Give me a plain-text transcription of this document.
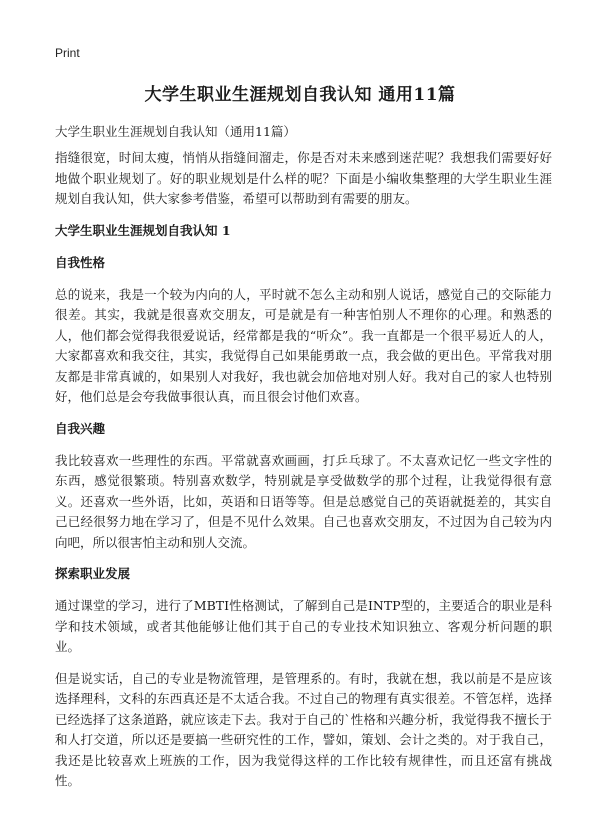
Print
大学生职业生涯规划自我认知 通用11篇

大学生职业生涯规划自我认知（通用11篇）

指缝很宽，时间太瘦，悄悄从指缝间溜走，你是否对未来感到迷茫呢？我想我们需要好好地做个职业规划了。好的职业规划是什么样的呢？下面是小编收集整理的大学生职业生涯规划自我认知，供大家参考借鉴，希望可以帮助到有需要的朋友。

大学生职业生涯规划自我认知 1
自我性格

总的说来，我是一个较为内向的人，平时就不怎么主动和别人说话，感觉自己的交际能力很差。其实，我就是很喜欢交朋友，可是就是有一种害怕别人不理你的心理。和熟悉的人，他们都会觉得我很爱说话，经常都是我的“听众”。我一直都是一个很平易近人的人，大家都喜欢和我交往，其实，我觉得自己如果能勇敢一点，我会做的更出色。平常我对朋友都是非常真诚的，如果别人对我好，我也就会加倍地对别人好。我对自己的家人也特别好，他们总是会夸我做事很认真，而且很会讨他们欢喜。

自我兴趣

我比较喜欢一些理性的东西。平常就喜欢画画，打乒乓球了。不太喜欢记忆一些文字性的东西，感觉很繁琐。特别喜欢数学，特别就是享受做数学的那个过程，让我觉得很有意义。还喜欢一些外语，比如，英语和日语等等。但是总感觉自己的英语就挺差的，其实自己已经很努力地在学习了，但是不见什么效果。自己也喜欢交朋友，不过因为自己较为内向吧，所以很害怕主动和别人交流。

探索职业发展

通过课堂的学习，进行了MBTI性格测试，了解到自己是INTP型的，主要适合的职业是科学和技术领域，或者其他能够让他们其于自己的专业技术知识独立、客观分析问题的职业。

但是说实话，自己的专业是物流管理，是管理系的。有时，我就在想，我以前是不是应该选择理科，文科的东西真还是不太适合我。不过自己的物理有真实很差。不管怎样，选择已经选择了这条道路，就应该走下去。我对于自己的`性格和兴趣分析，我觉得我不擅长于和人打交道，所以还是要搞一些研究性的工作，譬如，策划、会计之类的。对于我自己，我还是比较喜欢上班族的工作，因为我觉得这样的工作比较有规律性，而且还富有挑战性。
